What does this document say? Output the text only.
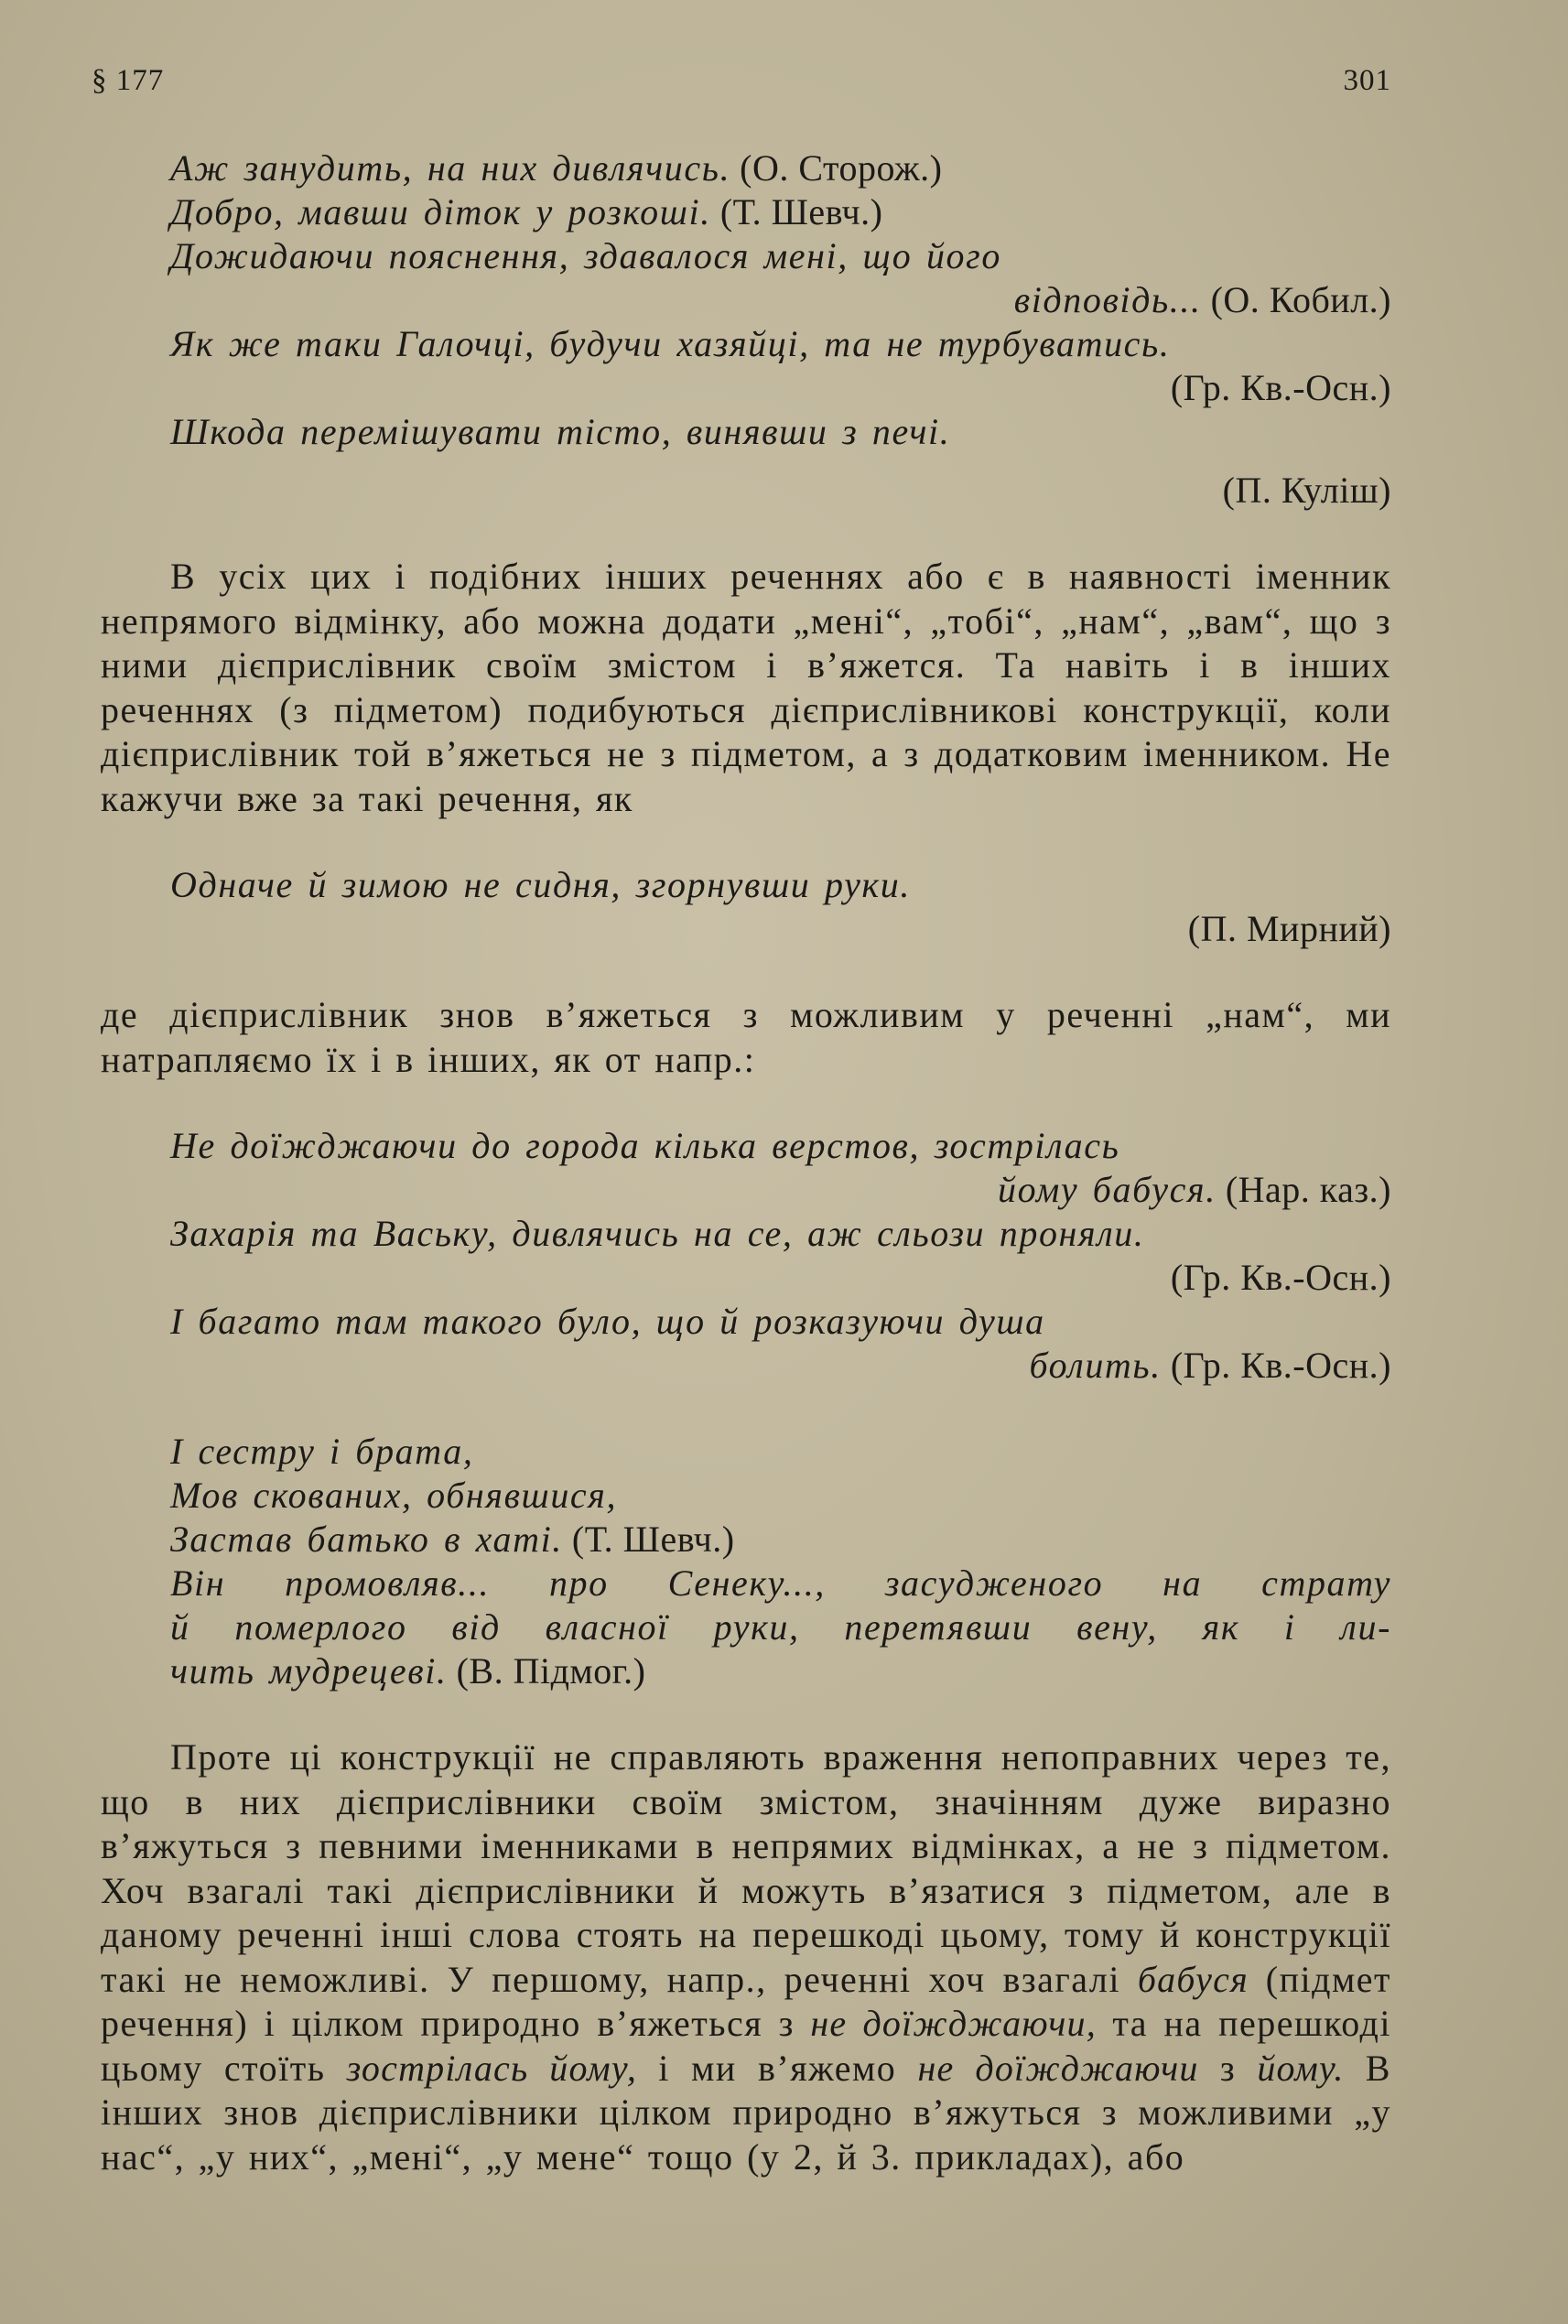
§ 177	301
Аж занудить, на них дивлячись. (О. Сторож.)
Добро, мавши діток у розкоші. (Т. Шевч.)
Дожидаючи пояснення, здавалося мені, що його
відповідь... (О. Кобил.)
Як же таки Галочці, будучи хазяйці, та не турбуватись.
(Гр. Кв.-Осн.)
Шкода перемішувати тісто, винявши з печі.
(П. Куліш)
В усіх цих і подібних інших реченнях або є в наявності іменник непрямого відмінку, або можна додати „мені“, „тобі“, „нам“, „вам“, що з ними дієприслівник своїм змістом і в’яжется. Та навіть і в інших реченнях (з підметом) подибуються дієприслівникові конструкції, коли дієприслівник той в’яжеться не з підметом, а з додатковим іменником. Не кажучи вже за такі речення, як
Одначе й зимою не сидня, згорнувши руки.
(П. Мирний)
де дієприслівник знов в’яжеться з можливим у реченні „нам“, ми натрапляємо їх і в інших, як от напр.:
Не доїжджаючи до города кілька верстов, зострілась
йому бабуся. (Нар. каз.)
Захарія та Ваську, дивлячись на се, аж сльози проняли.
(Гр. Кв.-Осн.)
І багато там такого було, що й розказуючи душа
болить. (Гр. Кв.-Осн.)
І сестру і брата,
Мов скованих, обнявшися,
Застав батько в хаті. (Т. Шевч.)
Він промовляв... про Сенеку..., засудженого на страту
й померлого від власної руки, перетявши вену, як і ли-
чить мудрецеві. (В. Підмог.)
Проте ці конструкції не справляють враження непоправних через те, що в них дієприслівники своїм змістом, значінням дуже виразно в’яжуться з певними іменниками в непрямих відмінках, а не з підметом. Хоч взагалі такі дієприслівники й можуть в’язатися з підметом, але в даному реченні інші слова стоять на перешкоді цьому, тому й конструкції такі не неможливі. У першому, напр., реченні хоч взагалі бабуся (підмет речення) і цілком природно в’яжеться з не доїжджаючи, та на перешкоді цьому стоїть зострілась йому, і ми в’яжемо не доїжджаючи з йому. В інших знов дієприслівники цілком природно в’яжуться з можливими „у нас“, „у них“, „мені“, „у мене“ тощо (у 2, й 3. прикладах), або
